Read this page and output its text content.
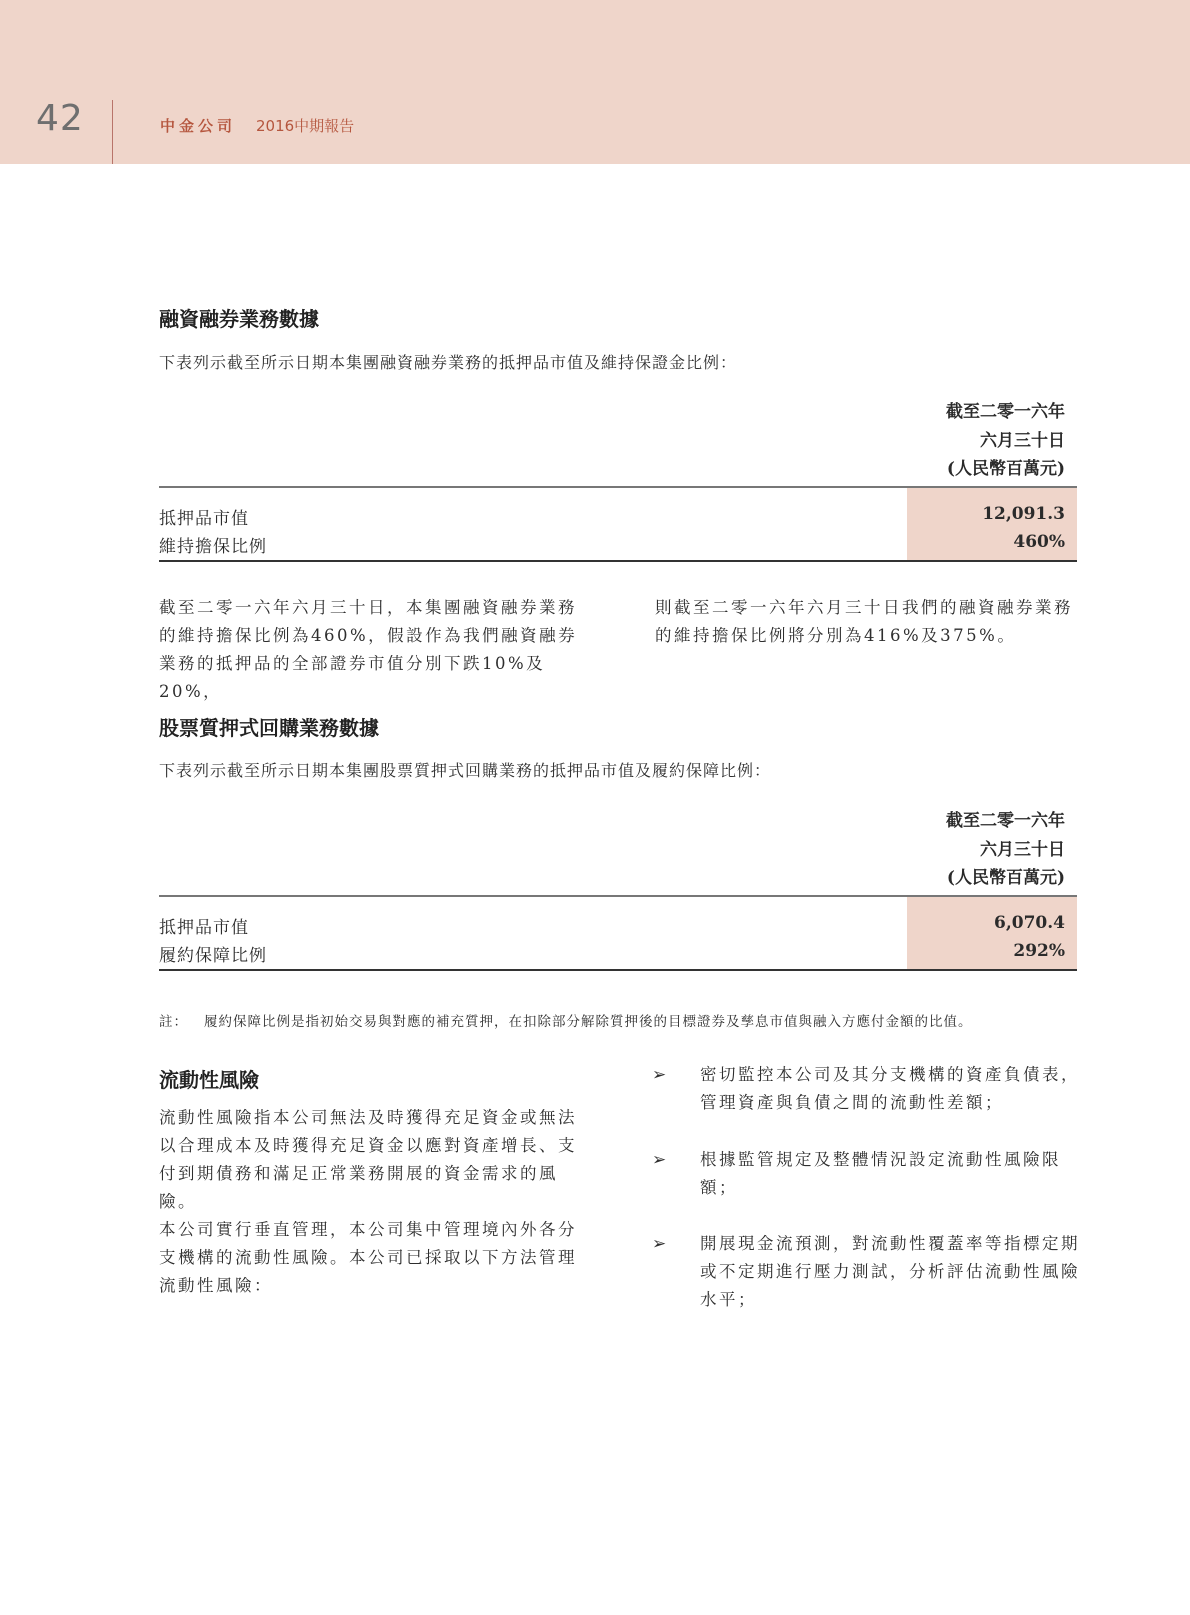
42	中金公司 2016中期報告
融資融券業務數據
下表列示截至所示日期本集團融資融券業務的抵押品市值及維持保證金比例：
截至二零一六年
六月三十日
(人民幣百萬元)
抵押品市值	12,091.3
維持擔保比例	460%
截至二零一六年六月三十日，本集團融資融券業務的維持擔保比例為460%，假設作為我們融資融券業務的抵押品的全部證券市值分別下跌10%及20%，
則截至二零一六年六月三十日我們的融資融券業務的維持擔保比例將分別為416%及375%。
股票質押式回購業務數據
下表列示截至所示日期本集團股票質押式回購業務的抵押品市值及履約保障比例：
截至二零一六年
六月三十日
(人民幣百萬元)
抵押品市值	6,070.4
履約保障比例	292%
註： 履約保障比例是指初始交易與對應的補充質押，在扣除部分解除質押後的目標證券及孳息市值與融入方應付金額的比值。
流動性風險
流動性風險指本公司無法及時獲得充足資金或無法以合理成本及時獲得充足資金以應對資產增長、支付到期債務和滿足正常業務開展的資金需求的風險。
本公司實行垂直管理，本公司集中管理境內外各分支機構的流動性風險。本公司已採取以下方法管理流動性風險：
➢ 密切監控本公司及其分支機構的資產負債表，管理資產與負債之間的流動性差額；
➢ 根據監管規定及整體情況設定流動性風險限額；
➢ 開展現金流預測，對流動性覆蓋率等指標定期或不定期進行壓力測試，分析評估流動性風險水平；
